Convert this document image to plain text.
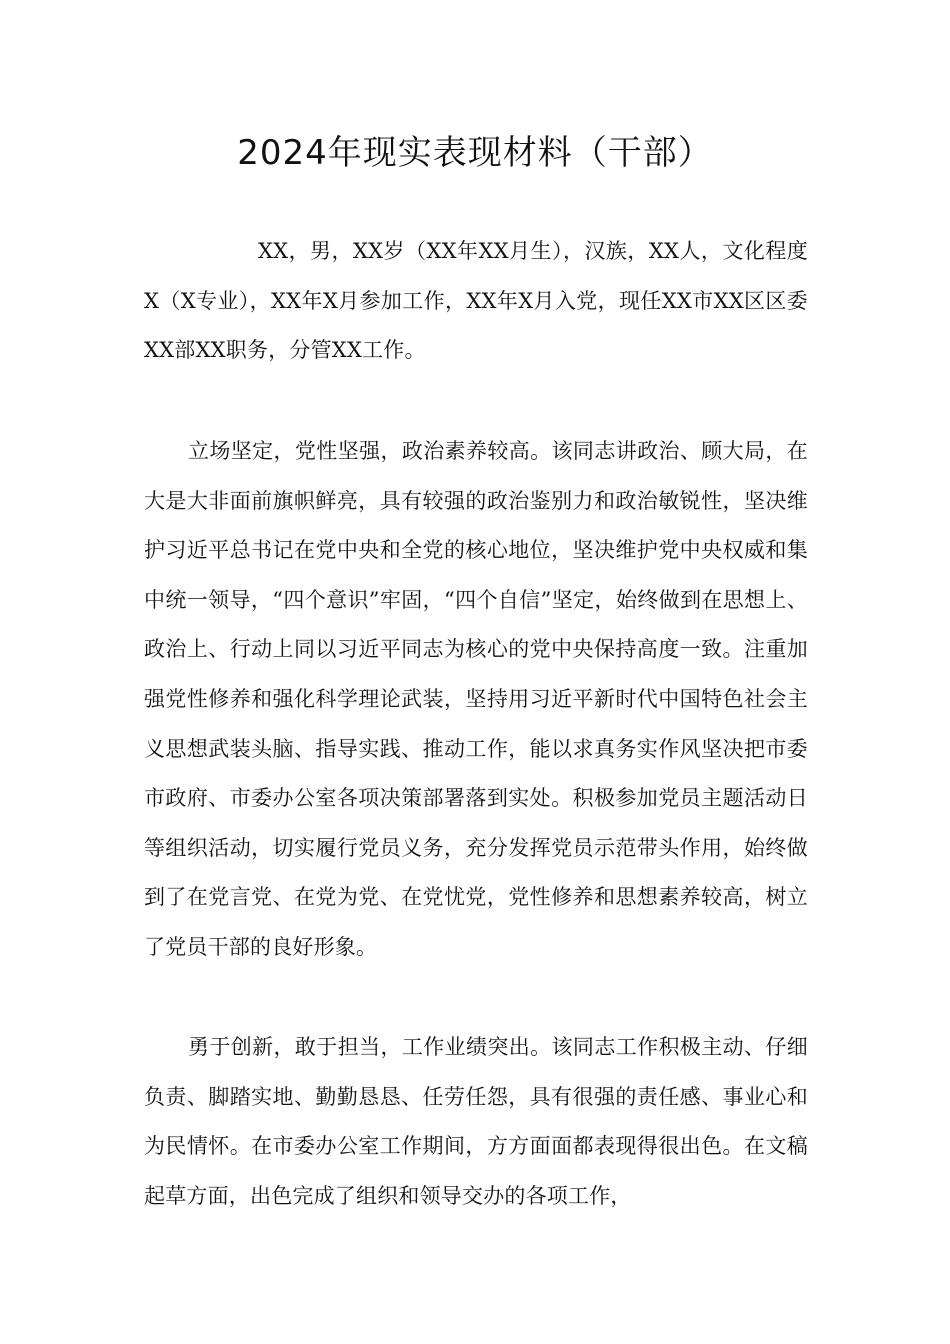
2024年现实表现材料（干部）

XX，男，XX岁（XX年XX月生），汉族，XX人，文化程度X（X专业），XX年X月参加工作，XX年X月入党，现任XX市XX区区委XX部XX职务，分管XX工作。

立场坚定，党性坚强，政治素养较高。该同志讲政治、顾大局，在大是大非面前旗帜鲜亮，具有较强的政治鉴别力和政治敏锐性，坚决维护习近平总书记在党中央和全党的核心地位，坚决维护党中央权威和集中统一领导，“四个意识”牢固，“四个自信”坚定，始终做到在思想上、政治上、行动上同以习近平同志为核心的党中央保持高度一致。注重加强党性修养和强化科学理论武装，坚持用习近平新时代中国特色社会主义思想武装头脑、指导实践、推动工作，能以求真务实作风坚决把市委市政府、市委办公室各项决策部署落到实处。积极参加党员主题活动日等组织活动，切实履行党员义务，充分发挥党员示范带头作用，始终做到了在党言党、在党为党、在党忧党，党性修养和思想素养较高，树立了党员干部的良好形象。

勇于创新，敢于担当，工作业绩突出。该同志工作积极主动、仔细负责、脚踏实地、勤勤恳恳、任劳任怨，具有很强的责任感、事业心和为民情怀。在市委办公室工作期间，方方面面都表现得很出色。在文稿起草方面，出色完成了组织和领导交办的各项工作，
